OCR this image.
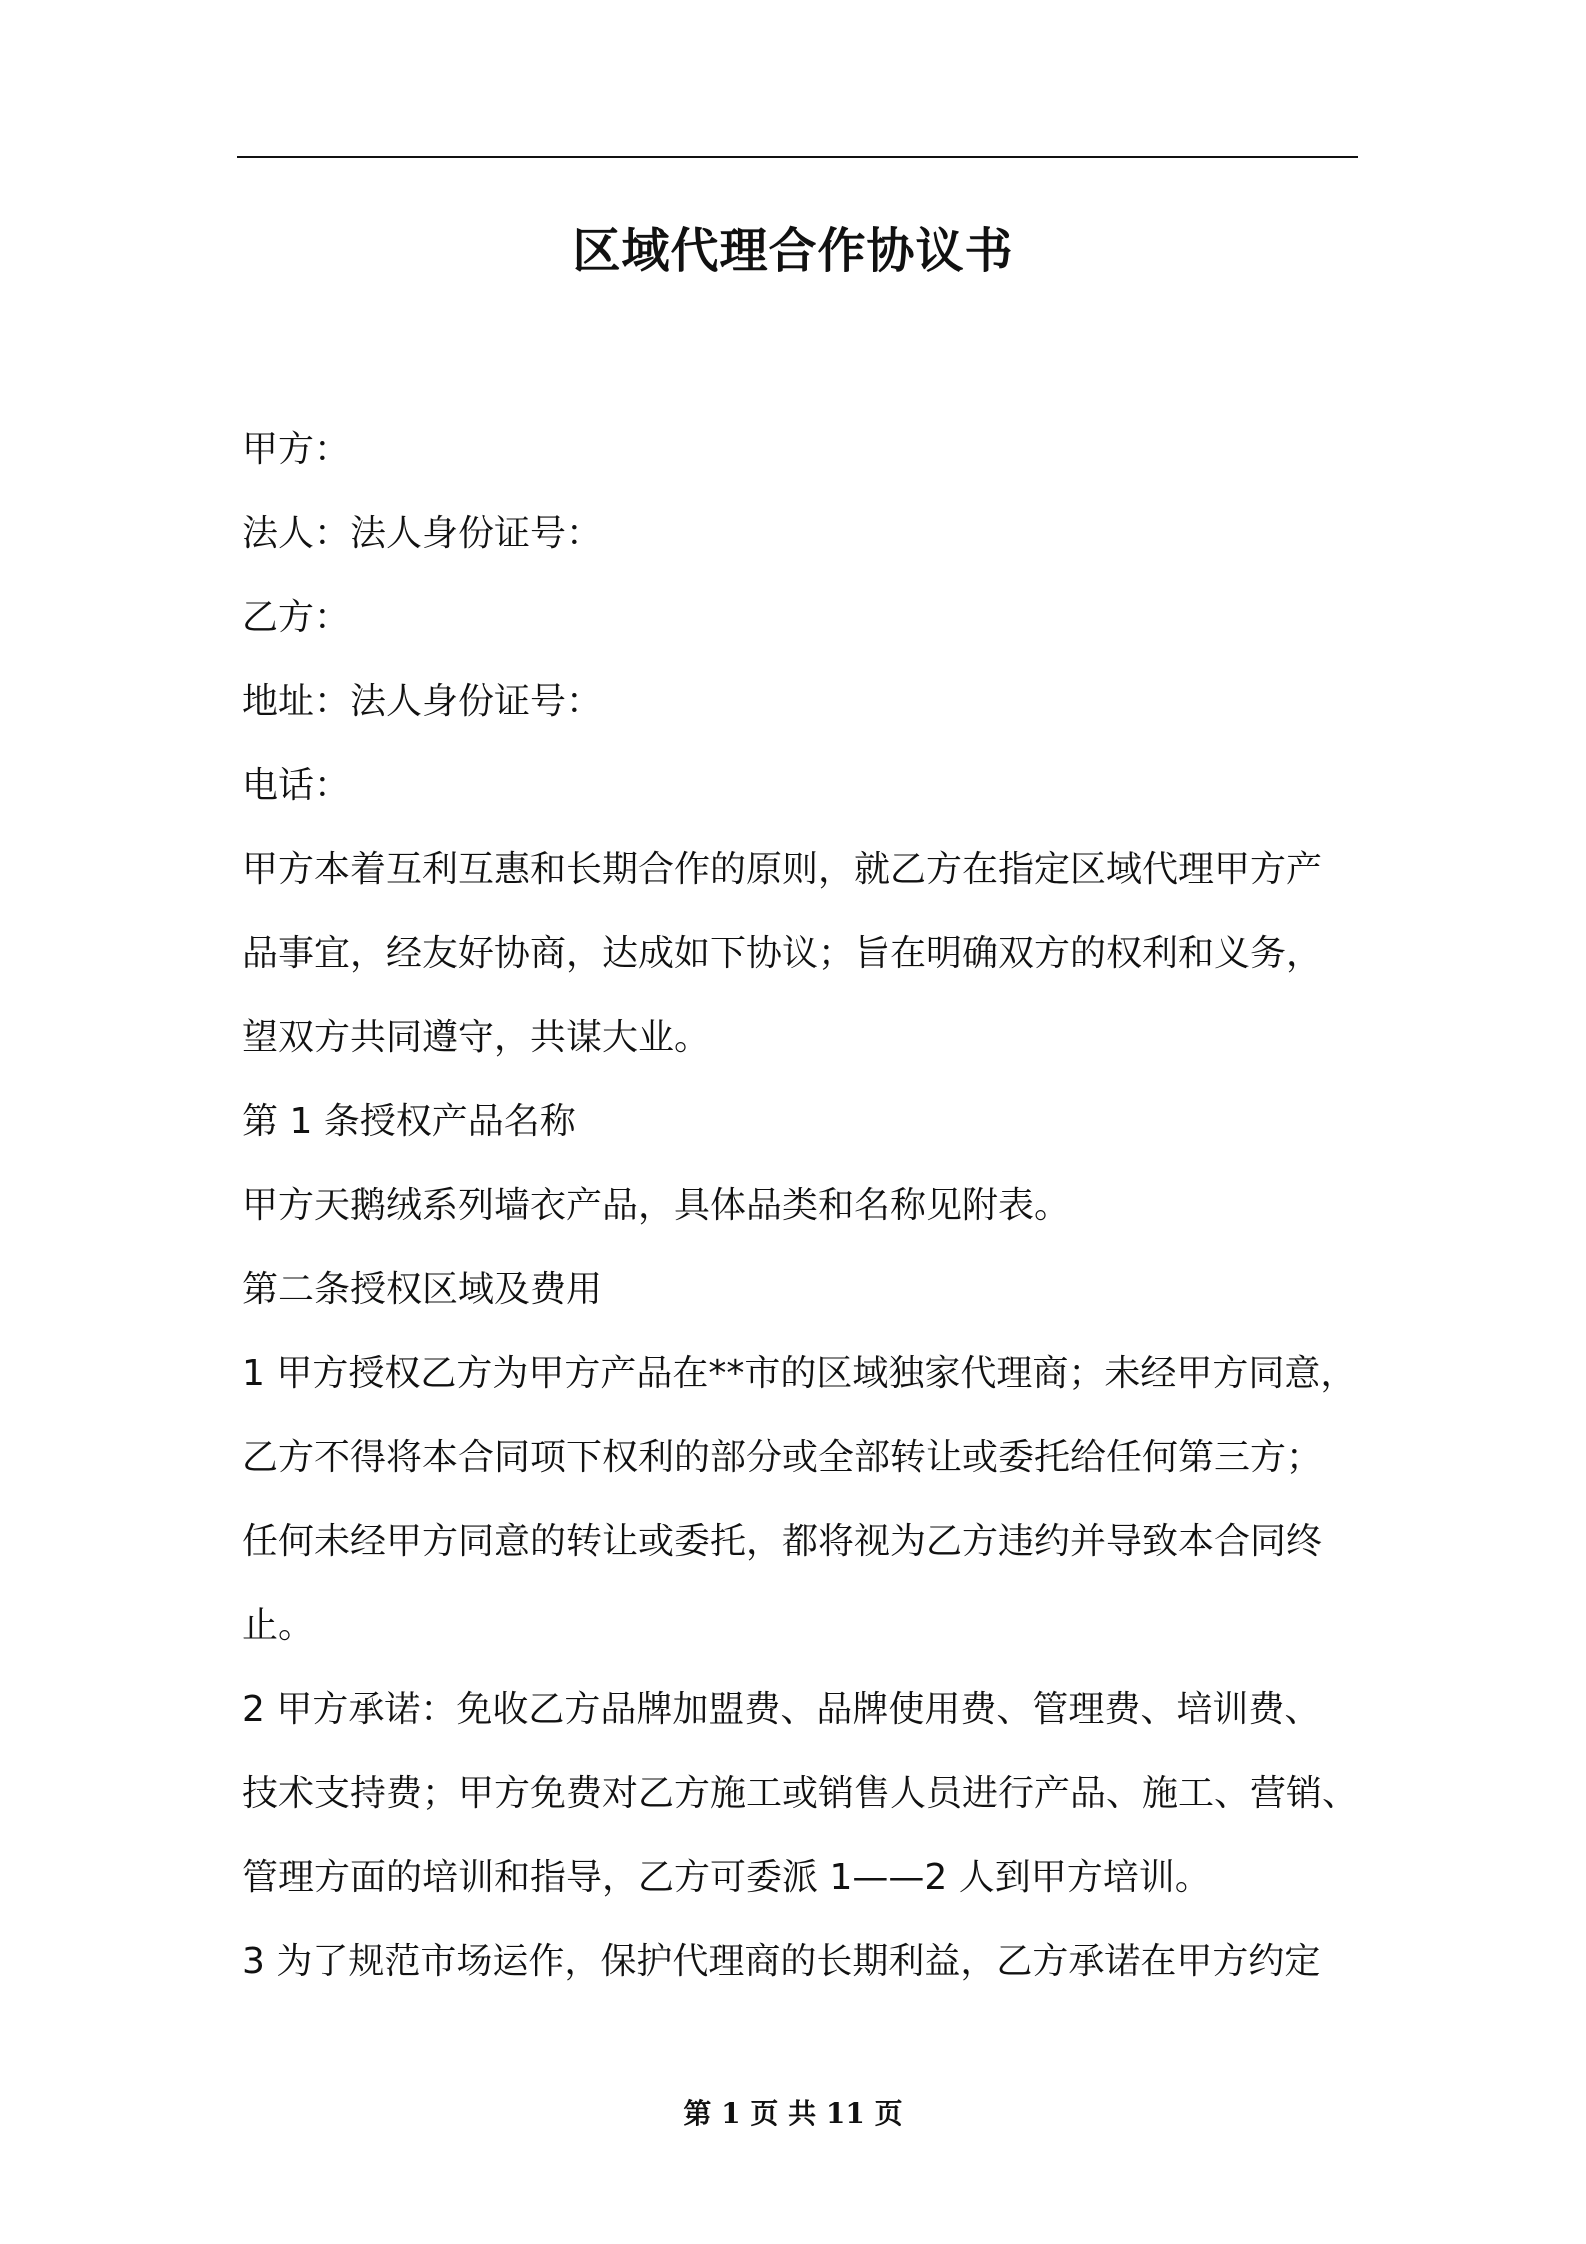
区域代理合作协议书
甲方：
法人：法人身份证号：
乙方：
地址：法人身份证号：
电话：
甲方本着互利互惠和长期合作的原则，就乙方在指定区域代理甲方产
品事宜，经友好协商，达成如下协议；旨在明确双方的权利和义务，
望双方共同遵守，共谋大业。
第 1 条授权产品名称
甲方天鹅绒系列墙衣产品，具体品类和名称见附表。
第二条授权区域及费用
1 甲方授权乙方为甲方产品在**市的区域独家代理商；未经甲方同意，
乙方不得将本合同项下权利的部分或全部转让或委托给任何第三方；
任何未经甲方同意的转让或委托，都将视为乙方违约并导致本合同终
止。
2 甲方承诺：免收乙方品牌加盟费、品牌使用费、管理费、培训费、
技术支持费；甲方免费对乙方施工或销售人员进行产品、施工、营销、
管理方面的培训和指导，乙方可委派 1——2 人到甲方培训。
3 为了规范市场运作，保护代理商的长期利益，乙方承诺在甲方约定
第 1 页 共 11 页
